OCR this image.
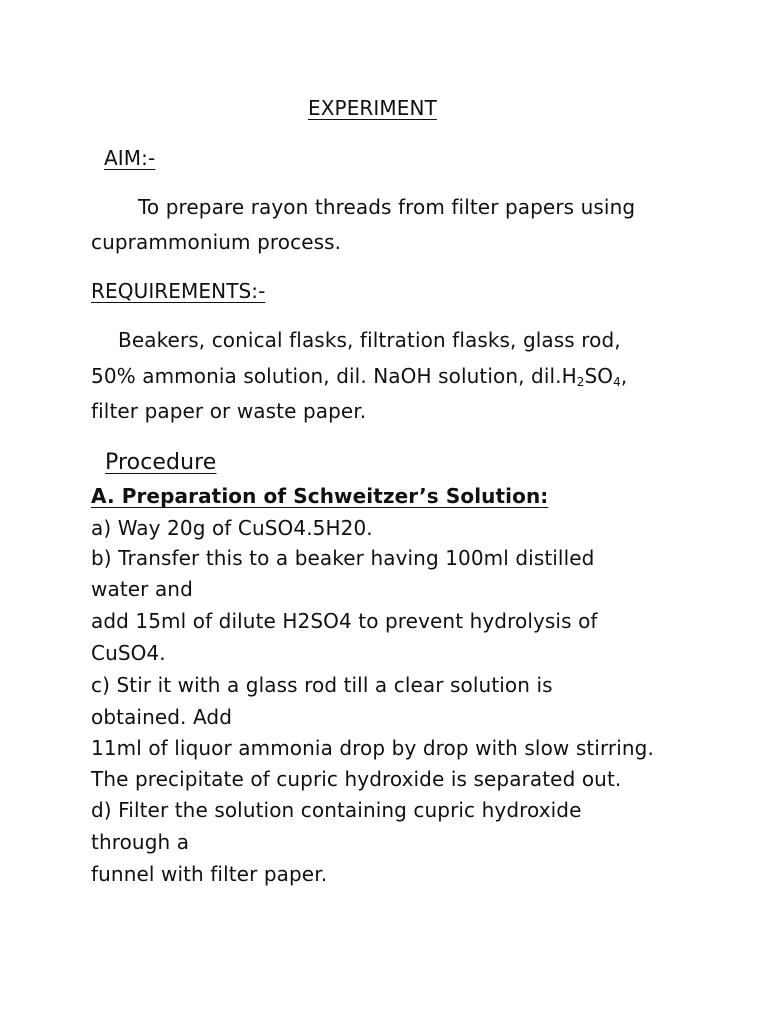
EXPERIMENT
AIM:-
To prepare rayon threads from filter papers using
cuprammonium process.
REQUIREMENTS:-
Beakers, conical flasks, filtration flasks, glass rod,
50% ammonia solution, dil. NaOH solution, $dil.H_2SO_4$,
filter paper or waste paper.
Procedure
A. Preparation of Schweitzer’s Solution:
a) Way 20g of CuSO4.5H20.
b) Transfer this to a beaker having 100ml distilled
water and
add 15ml of dilute H2SO4 to prevent hydrolysis of
CuSO4.
c) Stir it with a glass rod till a clear solution is
obtained. Add
11ml of liquor ammonia drop by drop with slow stirring.
The precipitate of cupric hydroxide is separated out.
d) Filter the solution containing cupric hydroxide
through a
funnel with filter paper.
